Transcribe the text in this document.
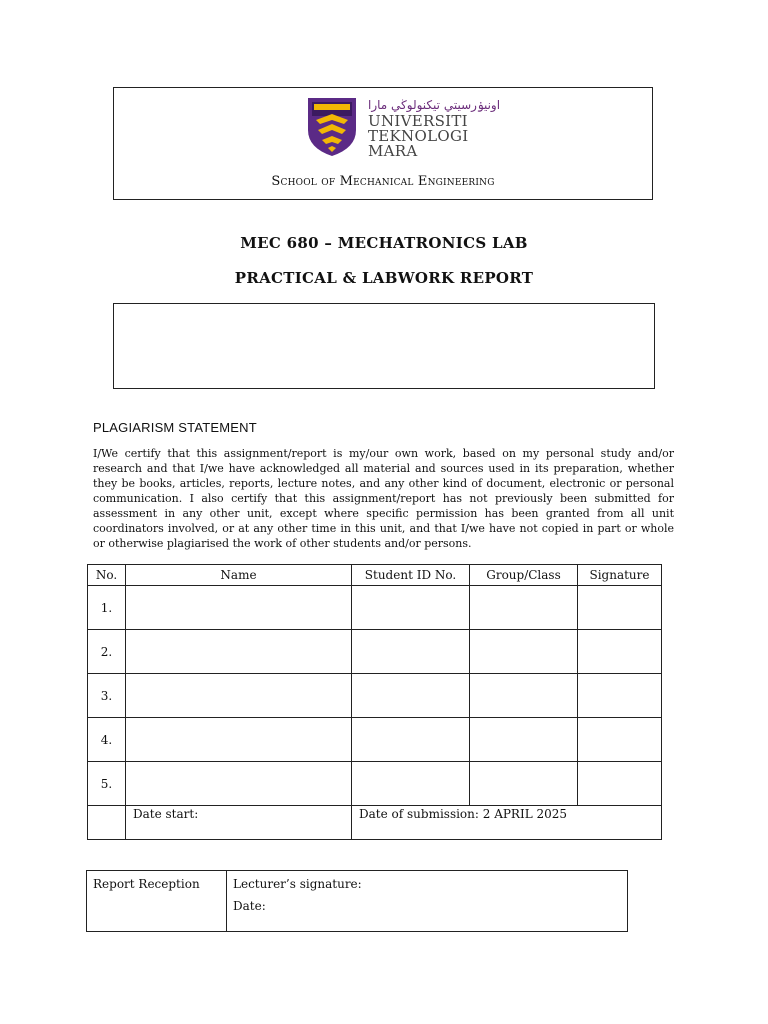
اونيۏرسيتي تيكنولوڬي مارا
UNIVERSITI
TEKNOLOGI
MARA
School of Mechanical Engineering
MEC 680 – MECHATRONICS LAB
PRACTICAL & LABWORK REPORT
PLAGIARISM STATEMENT
I/We certify that this assignment/report is my/our own work, based on my personal study and/or research and that I/we have acknowledged all material and sources used in its preparation, whether they be books, articles, reports, lecture notes, and any other kind of document, electronic or personal communication. I also certify that this assignment/report has not previously been submitted for assessment in any other unit, except where specific permission has been granted from all unit coordinators involved, or at any other time in this unit, and that I/we have not copied in part or whole or otherwise plagiarised the work of other students and/or persons.
No.	Name	Student ID No.	Group/Class	Signature
1.				
2.				
3.				
4.				
5.				
	Date start:	Date of submission: 2 APRIL 2025		
Report Reception	Lecturer’s signature:
Date:
